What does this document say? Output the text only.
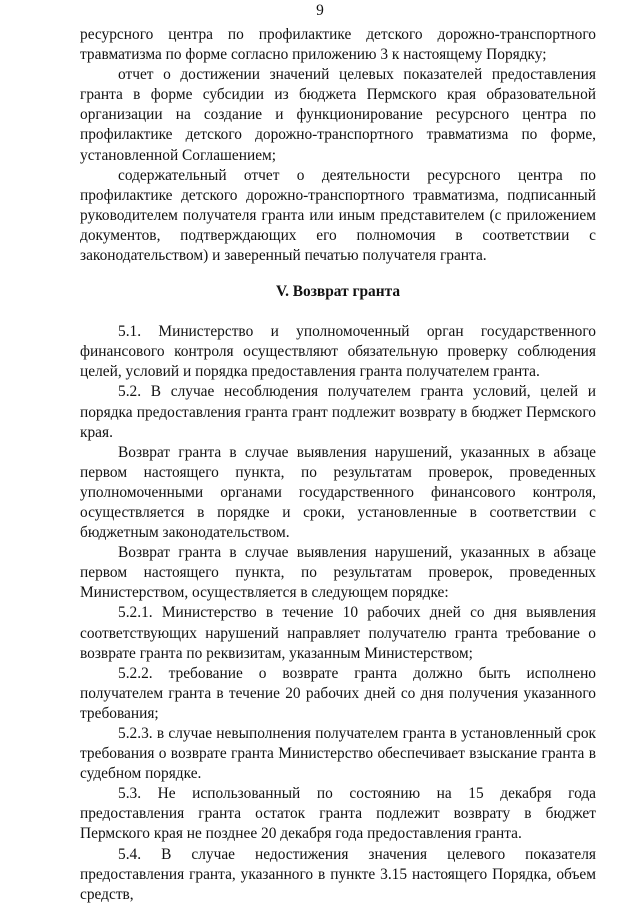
9

ресурсного центра по профилактике детского дорожно-транспортного травматизма по форме согласно приложению 3 к настоящему Порядку;

отчет о достижении значений целевых показателей предоставления гранта в форме субсидии из бюджета Пермского края образовательной организации на создание и функционирование ресурсного центра по профилактике детского дорожно-транспортного травматизма по форме, установленной Соглашением;

содержательный отчет о деятельности ресурсного центра по профилактике детского дорожно-транспортного травматизма, подписанный руководителем получателя гранта или иным представителем (с приложением документов, подтверждающих его полномочия в соответствии с законодательством) и заверенный печатью получателя гранта.

V. Возврат гранта

5.1. Министерство и уполномоченный орган государственного финансового контроля осуществляют обязательную проверку соблюдения целей, условий и порядка предоставления гранта получателем гранта.

5.2. В случае несоблюдения получателем гранта условий, целей и порядка предоставления гранта грант подлежит возврату в бюджет Пермского края.

Возврат гранта в случае выявления нарушений, указанных в абзаце первом настоящего пункта, по результатам проверок, проведенных уполномоченными органами государственного финансового контроля, осуществляется в порядке и сроки, установленные в соответствии с бюджетным законодательством.

Возврат гранта в случае выявления нарушений, указанных в абзаце первом настоящего пункта, по результатам проверок, проведенных Министерством, осуществляется в следующем порядке:

5.2.1. Министерство в течение 10 рабочих дней со дня выявления соответствующих нарушений направляет получателю гранта требование о возврате гранта по реквизитам, указанным Министерством;

5.2.2. требование о возврате гранта должно быть исполнено получателем гранта в течение 20 рабочих дней со дня получения указанного требования;

5.2.3. в случае невыполнения получателем гранта в установленный срок требования о возврате гранта Министерство обеспечивает взыскание гранта в судебном порядке.

5.3. Не использованный по состоянию на 15 декабря года предоставления гранта остаток гранта подлежит возврату в бюджет Пермского края не позднее 20 декабря года предоставления гранта.

5.4. В случае недостижения значения целевого показателя предоставления гранта, указанного в пункте 3.15 настоящего Порядка, объем средств,
